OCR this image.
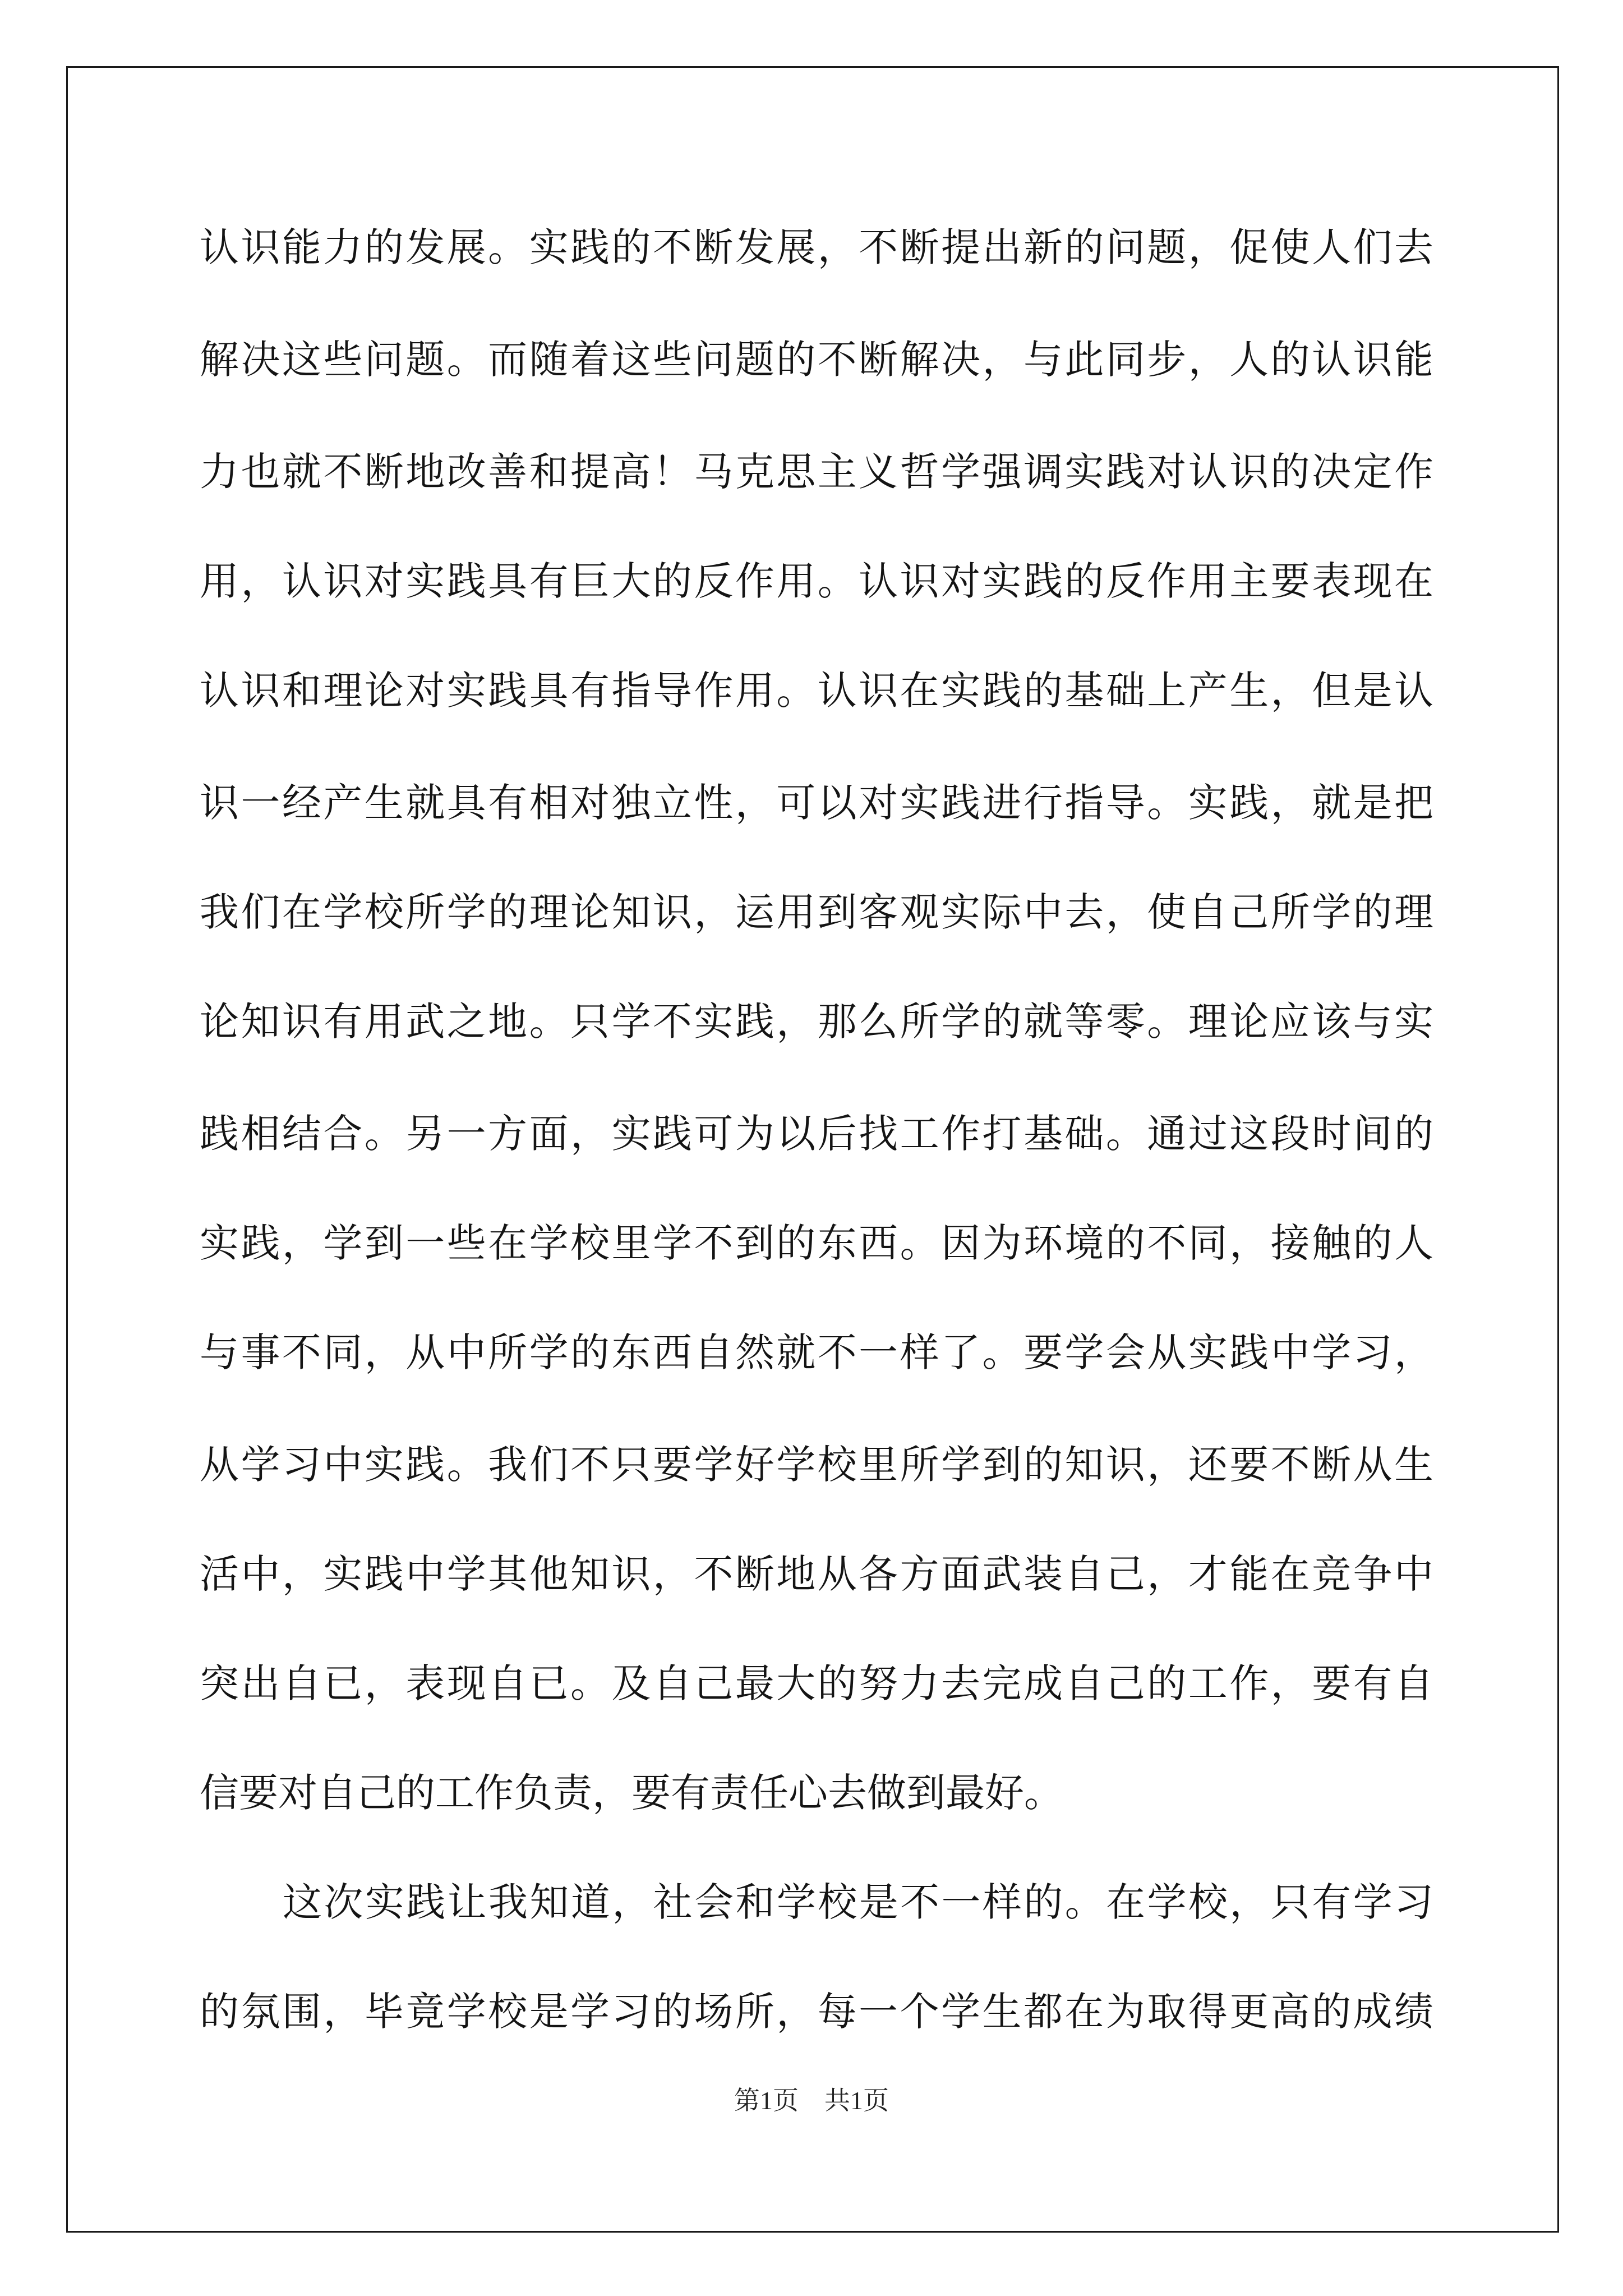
认识能力的发展。实践的不断发展，不断提出新的问题，促使人们去
解决这些问题。而随着这些问题的不断解决，与此同步，人的认识能
力也就不断地改善和提高！马克思主义哲学强调实践对认识的决定作
用，认识对实践具有巨大的反作用。认识对实践的反作用主要表现在
认识和理论对实践具有指导作用。认识在实践的基础上产生，但是认
识一经产生就具有相对独立性，可以对实践进行指导。实践，就是把
我们在学校所学的理论知识，运用到客观实际中去，使自己所学的理
论知识有用武之地。只学不实践，那么所学的就等零。理论应该与实
践相结合。另一方面，实践可为以后找工作打基础。通过这段时间的
实践，学到一些在学校里学不到的东西。因为环境的不同，接触的人
与事不同，从中所学的东西自然就不一样了。要学会从实践中学习，
从学习中实践。我们不只要学好学校里所学到的知识，还要不断从生
活中，实践中学其他知识，不断地从各方面武装自己，才能在竞争中
突出自已，表现自已。及自己最大的努力去完成自己的工作，要有自
信要对自己的工作负责，要有责任心去做到最好。
这次实践让我知道，社会和学校是不一样的。在学校，只有学习
的氛围，毕竟学校是学习的场所，每一个学生都在为取得更高的成绩
第1页 共1页
